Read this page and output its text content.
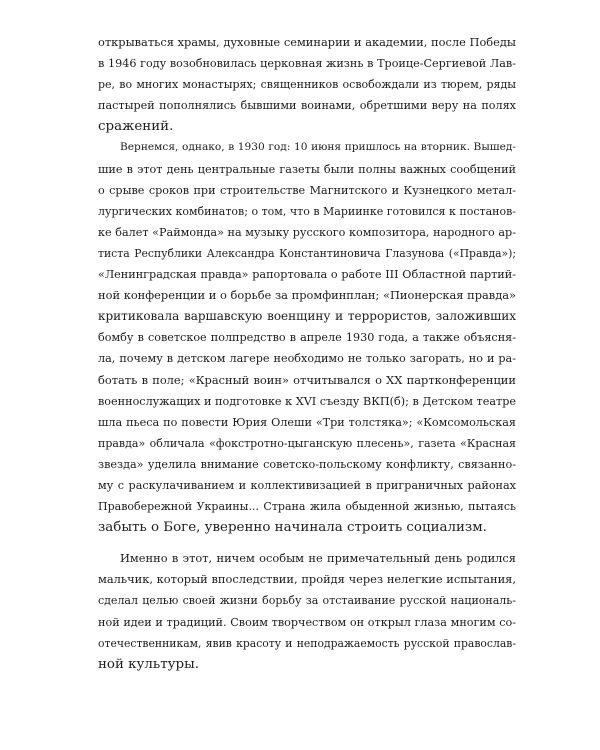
открываться храмы, духовные семинарии и академии, после Победы
в 1946 году возобновилась церковная жизнь в Троице-Сергиевой Лав-
ре, во многих монастырях; священников освобождали из тюрем, ряды
пастырей пополнялись бывшими воинами, обретшими веру на полях
сражений.
Вернемся, однако, в 1930 год: 10 июня пришлось на вторник. Вышед-
шие в этот день центральные газеты были полны важных сообщений
о срыве сроков при строительстве Магнитского и Кузнецкого метал-
лургических комбинатов; о том, что в Мариинке готовился к постанов-
ке балет «Раймонда» на музыку русского композитора, народного ар-
тиста Республики Александра Константиновича Глазунова («Правда»);
«Ленинградская правда» рапортовала о работе III Областной партий-
ной конференции и о борьбе за промфинплан; «Пионерская правда»
критиковала варшавскую военщину и террористов, заложивших
бомбу в советское полпредство в апреле 1930 года, а также объясня-
ла, почему в детском лагере необходимо не только загорать, но и ра-
ботать в поле; «Красный воин» отчитывался о XX партконференции
военнослужащих и подготовке к XVI съезду ВКП(б); в Детском театре
шла пьеса по повести Юрия Олеши «Три толстяка»; «Комсомольская
правда» обличала «фокстротно-цыганскую плесень», газета «Красная
звезда» уделила внимание советско-польскому конфликту, связанно-
му с раскулачиванием и коллективизацией в приграничных районах
Правобережной Украины... Страна жила обыденной жизнью, пытаясь
забыть о Боге, уверенно начинала строить социализм.
Именно в этот, ничем особым не примечательный день родился
мальчик, который впоследствии, пройдя через нелегкие испытания,
сделал целью своей жизни борьбу за отстаивание русской националь-
ной идеи и традиций. Своим творчеством он открыл глаза многим со-
отечественникам, явив красоту и неподражаемость русской православ-
ной культуры.
